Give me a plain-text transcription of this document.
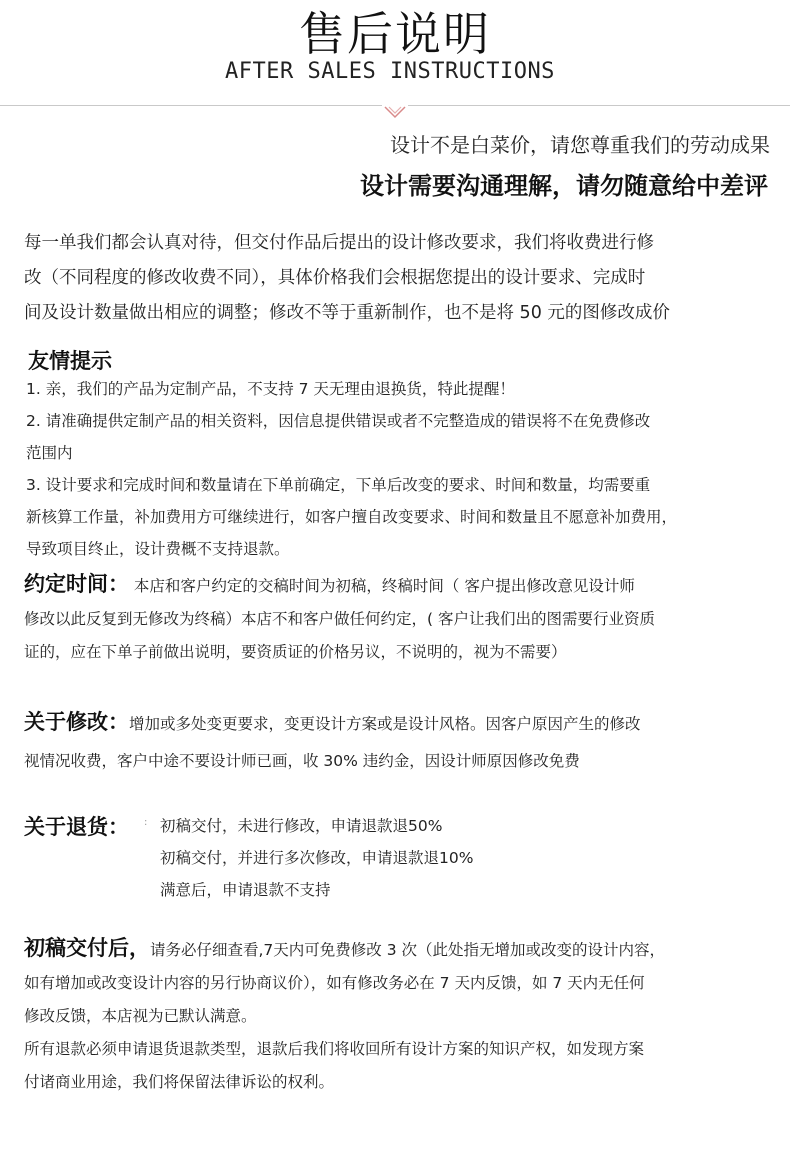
售后说明
AFTER SALES INSTRUCTIONS
设计不是白菜价，请您尊重我们的劳动成果
设计需要沟通理解，请勿随意给中差评

每一单我们都会认真对待，但交付作品后提出的设计修改要求，我们将收费进行修

改（不同程度的修改收费不同），具体价格我们会根据您提出的设计要求、完成时

间及设计数量做出相应的调整；修改不等于重新制作，也不是将 50 元的图修改成价

友情提示

1. 亲，我们的产品为定制产品，不支持 7 天无理由退换货，特此提醒！

2. 请准确提供定制产品的相关资料，因信息提供错误或者不完整造成的错误将不在免费修改

范围内

3. 设计要求和完成时间和数量请在下单前确定，下单后改变的要求、时间和数量，均需要重

新核算工作量，补加费用方可继续进行，如客户擅自改变要求、时间和数量且不愿意补加费用，

导致项目终止，设计费概不支持退款。

约定时间： 本店和客户约定的交稿时间为初稿，终稿时间（ 客户提出修改意见设计师

修改以此反复到无修改为终稿）本店不和客户做任何约定，( 客户让我们出的图需要行业资质

证的，应在下单子前做出说明，要资质证的价格另议，不说明的，视为不需要）

关于修改：增加或多处变更要求，变更设计方案或是设计风格。因客户原因产生的修改

视情况收费，客户中途不要设计师已画，收 30% 违约金，因设计师原因修改免费

关于退货： : 初稿交付，未进行修改，申请退款退50%

初稿交付，并进行多次修改，申请退款退10%

满意后，申请退款不支持

初稿交付后，请务必仔细查看,7天内可免费修改 3 次（此处指无增加或改变的设计内容，

如有增加或改变设计内容的另行协商议价），如有修改务必在 7 天内反馈，如 7 天内无任何

修改反馈，本店视为已默认满意。

所有退款必须申请退货退款类型，退款后我们将收回所有设计方案的知识产权，如发现方案

付诸商业用途，我们将保留法律诉讼的权利。
